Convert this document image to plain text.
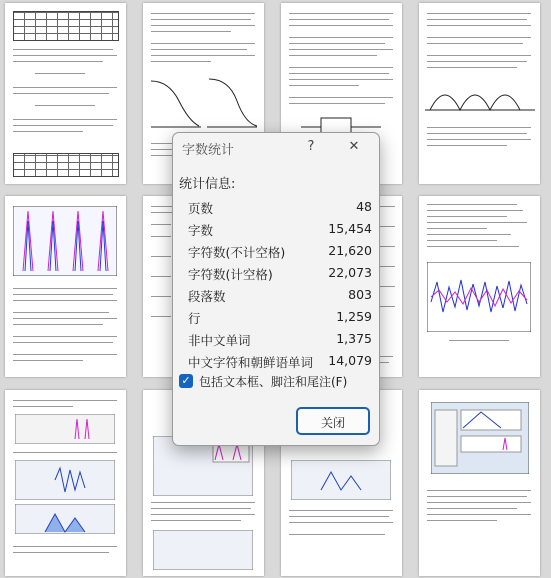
字数统计	?	✕
统计信息:
页数	48
字数	15,454
字符数(不计空格)	21,620
字符数(计空格)	22,073
段落数	803
行	1,259
非中文单词	1,375
中文字符和朝鲜语单词 14,079
✓ 包括文本框、脚注和尾注(F)
关闭
